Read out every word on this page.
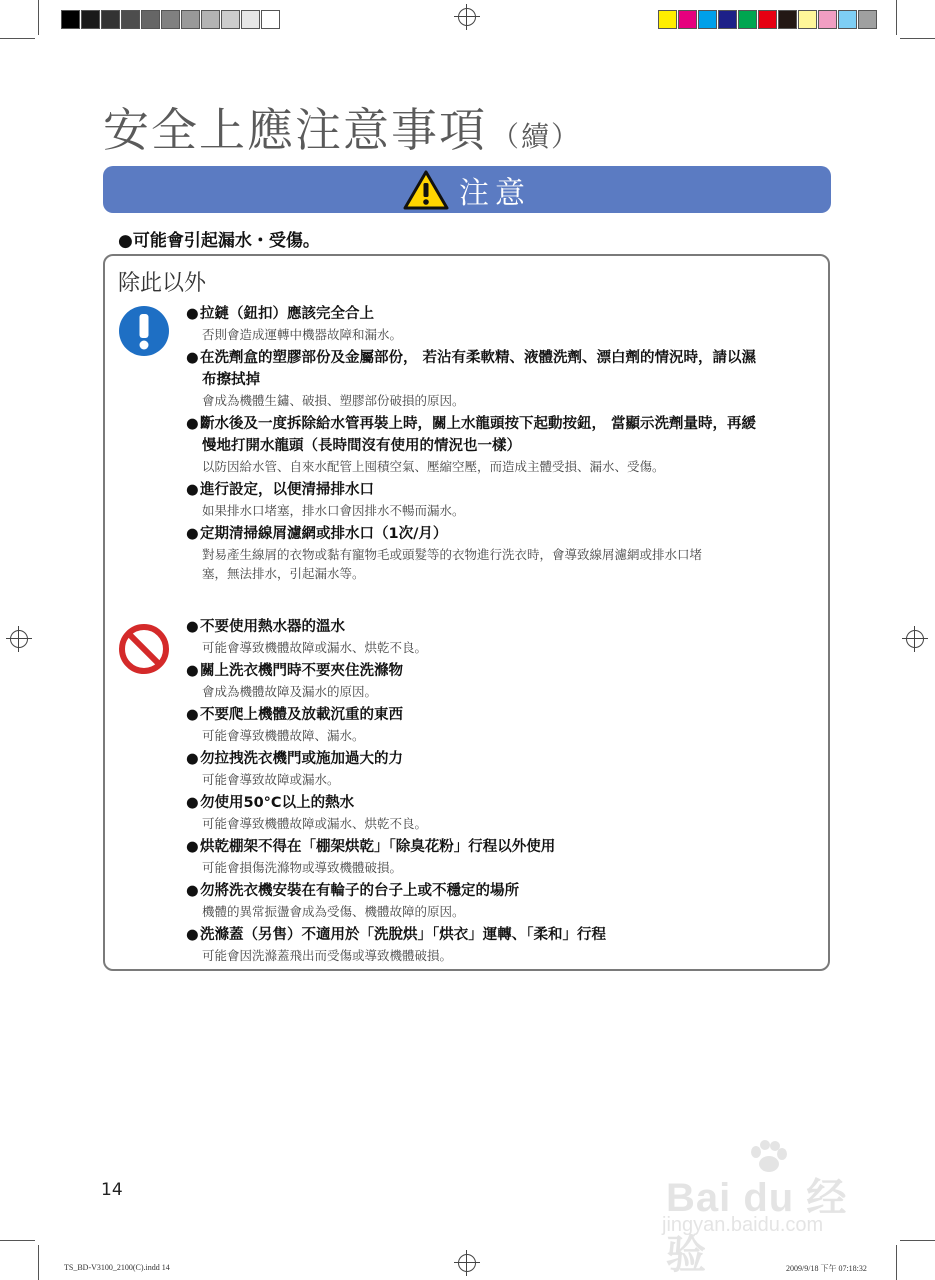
安全上應注意事項 （續）
注意
●可能會引起漏水・受傷。
除此以外
●拉鏈（鈕扣）應該完全合上
否則會造成運轉中機器故障和漏水。
●在洗劑盒的塑膠部份及金屬部份， 若沾有柔軟精、液體洗劑、漂白劑的情況時，請以濕
布擦拭掉
會成為機體生鏽、破損、塑膠部份破損的原因。
●斷水後及一度拆除給水管再裝上時，關上水龍頭按下起動按鈕， 當顯示洗劑量時，再緩
慢地打開水龍頭（長時間沒有使用的情況也一樣）
以防因給水管、自來水配管上囤積空氣、壓縮空壓，而造成主體受損、漏水、受傷。
●進行設定，以便清掃排水口
如果排水口堵塞，排水口會因排水不暢而漏水。
●定期清掃線屑濾網或排水口（1次/月）
對易產生線屑的衣物或黏有寵物毛或頭髮等的衣物進行洗衣時，會導致線屑濾網或排水口堵
塞，無法排水，引起漏水等。
●不要使用熱水器的溫水
可能會導致機體故障或漏水、烘乾不良。
●關上洗衣機門時不要夾住洗滌物
會成為機體故障及漏水的原因。
●不要爬上機體及放載沉重的東西
可能會導致機體故障、漏水。
●勿拉拽洗衣機門或施加過大的力
可能會導致故障或漏水。
●勿使用50°C以上的熱水
可能會導致機體故障或漏水、烘乾不良。
●烘乾棚架不得在「棚架烘乾」「除臭花粉」行程以外使用
可能會損傷洗滌物或導致機體破損。
●勿將洗衣機安裝在有輪子的台子上或不穩定的場所
機體的異常振盪會成為受傷、機體故障的原因。
●洗滌蓋（另售）不適用於「洗脫烘」「烘衣」運轉、「柔和」行程
可能會因洗滌蓋飛出而受傷或導致機體破損。
14
TS_BD-V3100_2100(C).indd 14	2009/9/18 下午 07:18:32
Bai du 经验
jingyan.baidu.com
